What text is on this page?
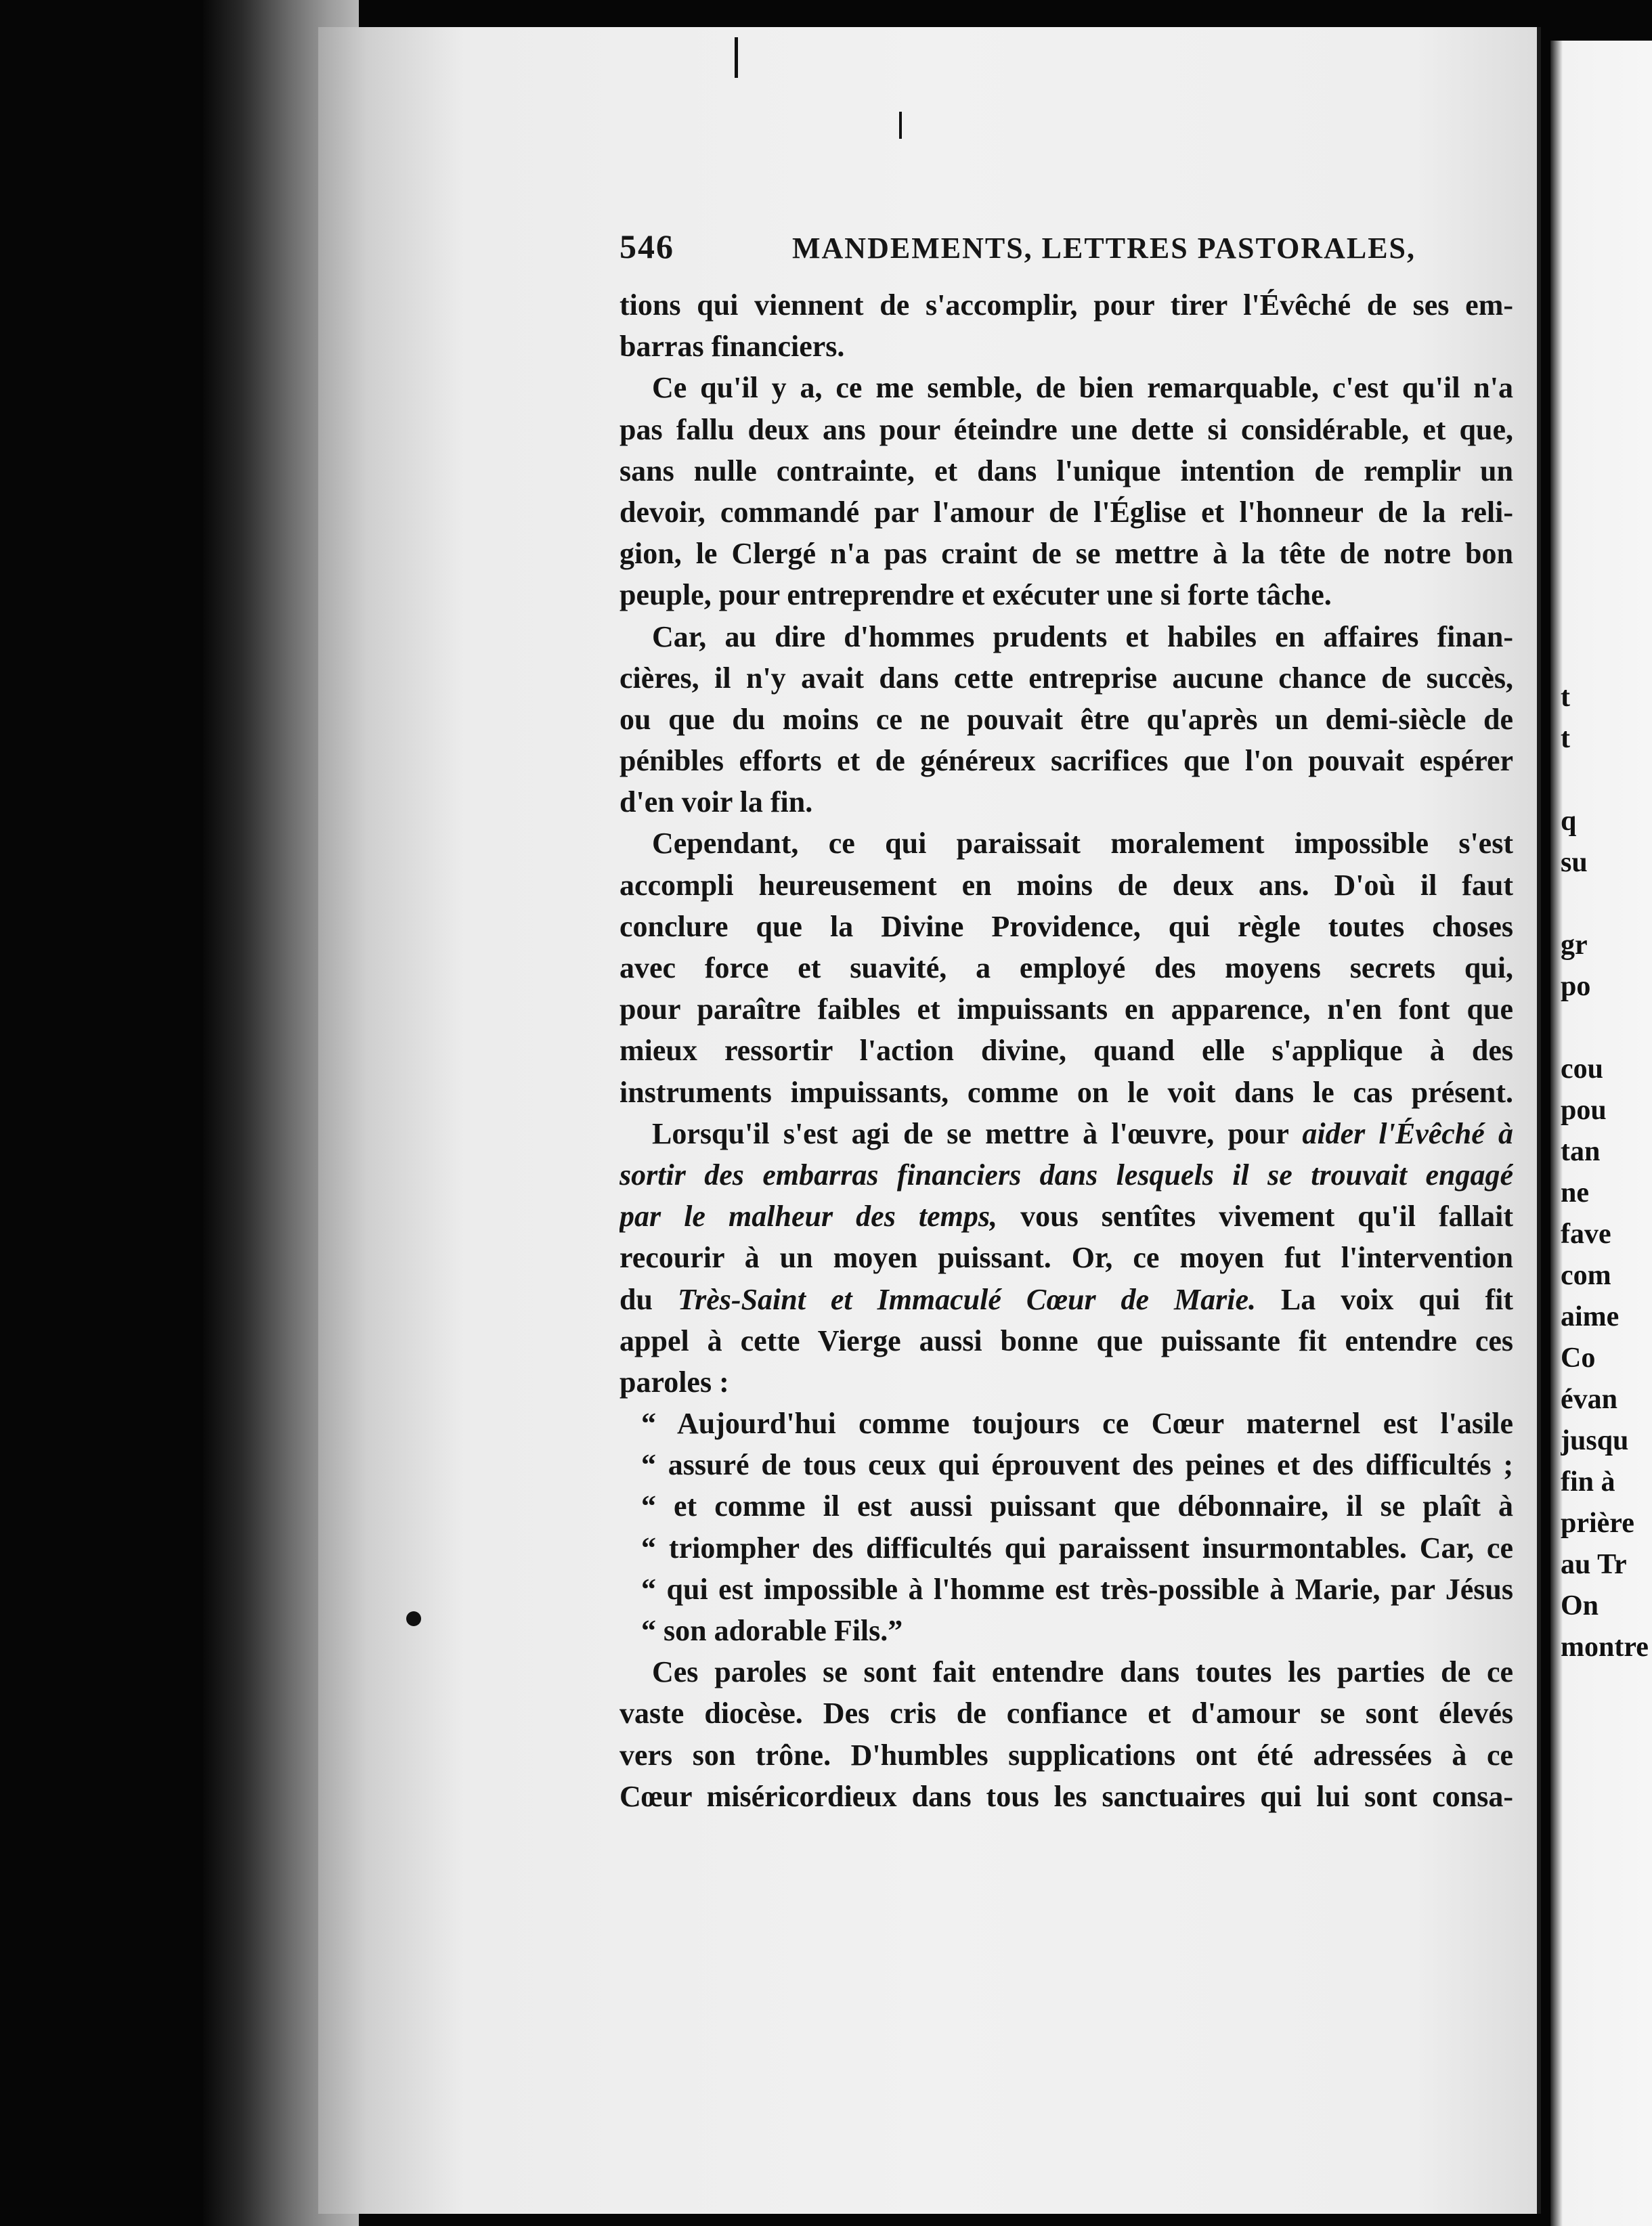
546	MANDEMENTS, LETTRES PASTORALES,
tions qui viennent de s'accomplir, pour tirer l'Évêché de ses em-
barras financiers.
Ce qu'il y a, ce me semble, de bien remarquable, c'est qu'il n'a
pas fallu deux ans pour éteindre une dette si considérable, et que,
sans nulle contrainte, et dans l'unique intention de remplir un
devoir, commandé par l'amour de l'Église et l'honneur de la reli-
gion, le Clergé n'a pas craint de se mettre à la tête de notre bon
peuple, pour entreprendre et exécuter une si forte tâche.
Car, au dire d'hommes prudents et habiles en affaires finan-
cières, il n'y avait dans cette entreprise aucune chance de succès,
ou que du moins ce ne pouvait être qu'après un demi-siècle de
pénibles efforts et de généreux sacrifices que l'on pouvait espérer
d'en voir la fin.
Cependant, ce qui paraissait moralement impossible s'est
accompli heureusement en moins de deux ans. D'où il faut
conclure que la Divine Providence, qui règle toutes choses
avec force et suavité, a employé des moyens secrets qui,
pour paraître faibles et impuissants en apparence, n'en font que
mieux ressortir l'action divine, quand elle s'applique à des
instruments impuissants, comme on le voit dans le cas présent.
Lorsqu'il s'est agi de se mettre à l'œuvre, pour aider l'Évêché à
sortir des embarras financiers dans lesquels il se trouvait engagé
par le malheur des temps, vous sentîtes vivement qu'il fallait
recourir à un moyen puissant. Or, ce moyen fut l'intervention
du Très-Saint et Immaculé Cœur de Marie. La voix qui fit
appel à cette Vierge aussi bonne que puissante fit entendre ces
paroles :
“ Aujourd'hui comme toujours ce Cœur maternel est l'asile
“ assuré de tous ceux qui éprouvent des peines et des difficultés ;
“ et comme il est aussi puissant que débonnaire, il se plaît à
“ triompher des difficultés qui paraissent insurmontables. Car, ce
“ qui est impossible à l'homme est très-possible à Marie, par Jésus
“ son adorable Fils.”
Ces paroles se sont fait entendre dans toutes les parties de ce
vaste diocèse. Des cris de confiance et d'amour se sont élevés
vers son trône. D'humbles supplications ont été adressées à ce
Cœur miséricordieux dans tous les sanctuaires qui lui sont consa-
t
t
q
su
gr
po
cou
pou
tan
ne
fave
com
aime
Co
évan
jusqu
fin à
prière
au Tr
On
montre
